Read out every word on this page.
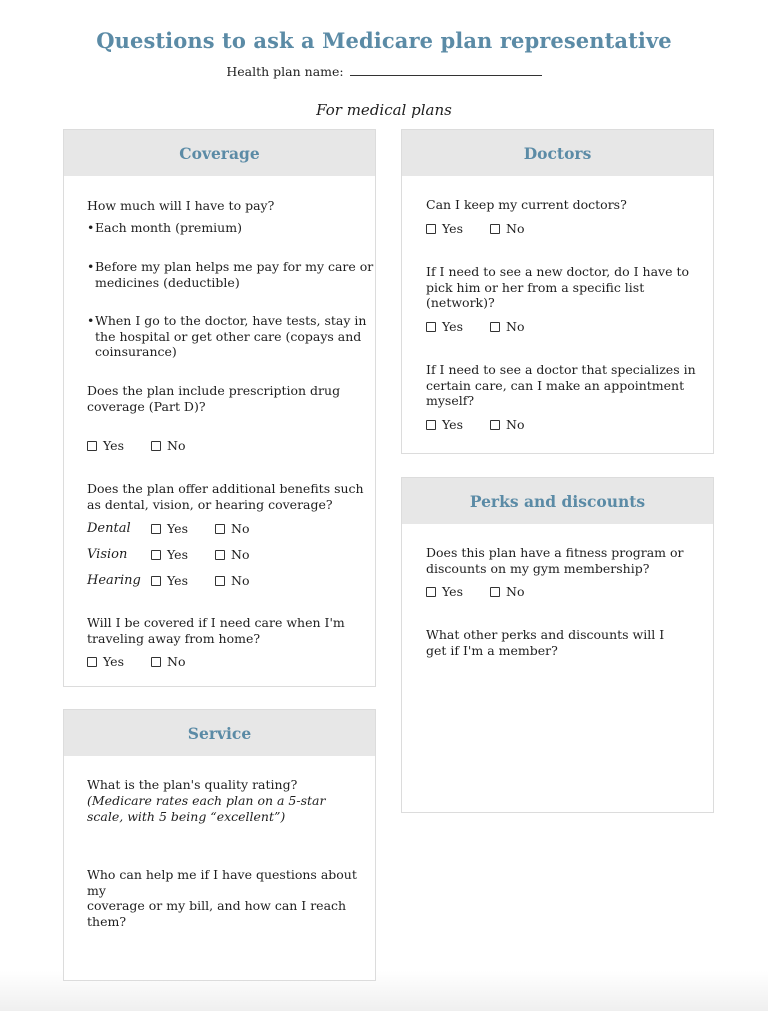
Questions to ask a Medicare plan representative
Health plan name:
For medical plans
Coverage
How much will I have to pay?
• Each month (premium)
• Before my plan helps me pay for my care or
medicines (deductible)
• When I go to the doctor, have tests, stay in
the hospital or get other care (copays and
coinsurance)
Does the plan include prescription drug
coverage (Part D)?
Yes	No
Does the plan offer additional benefits such
as dental, vision, or hearing coverage?
Dental	Yes	No
Vision	Yes	No
Hearing Yes	No
Will I be covered if I need care when I'm
traveling away from home?
Yes	No
Service
What is the plan's quality rating?
(Medicare rates each plan on a 5-star
scale, with 5 being “excellent”)
Who can help me if I have questions about my
coverage or my bill, and how can I reach them?
Doctors
Can I keep my current doctors?
Yes	No
If I need to see a new doctor, do I have to
pick him or her from a specific list
(network)?
Yes	No
If I need to see a doctor that specializes in
certain care, can I make an appointment
myself?
Yes	No
Perks and discounts
Does this plan have a fitness program or
discounts on my gym membership?
Yes	No
What other perks and discounts will I
get if I'm a member?
